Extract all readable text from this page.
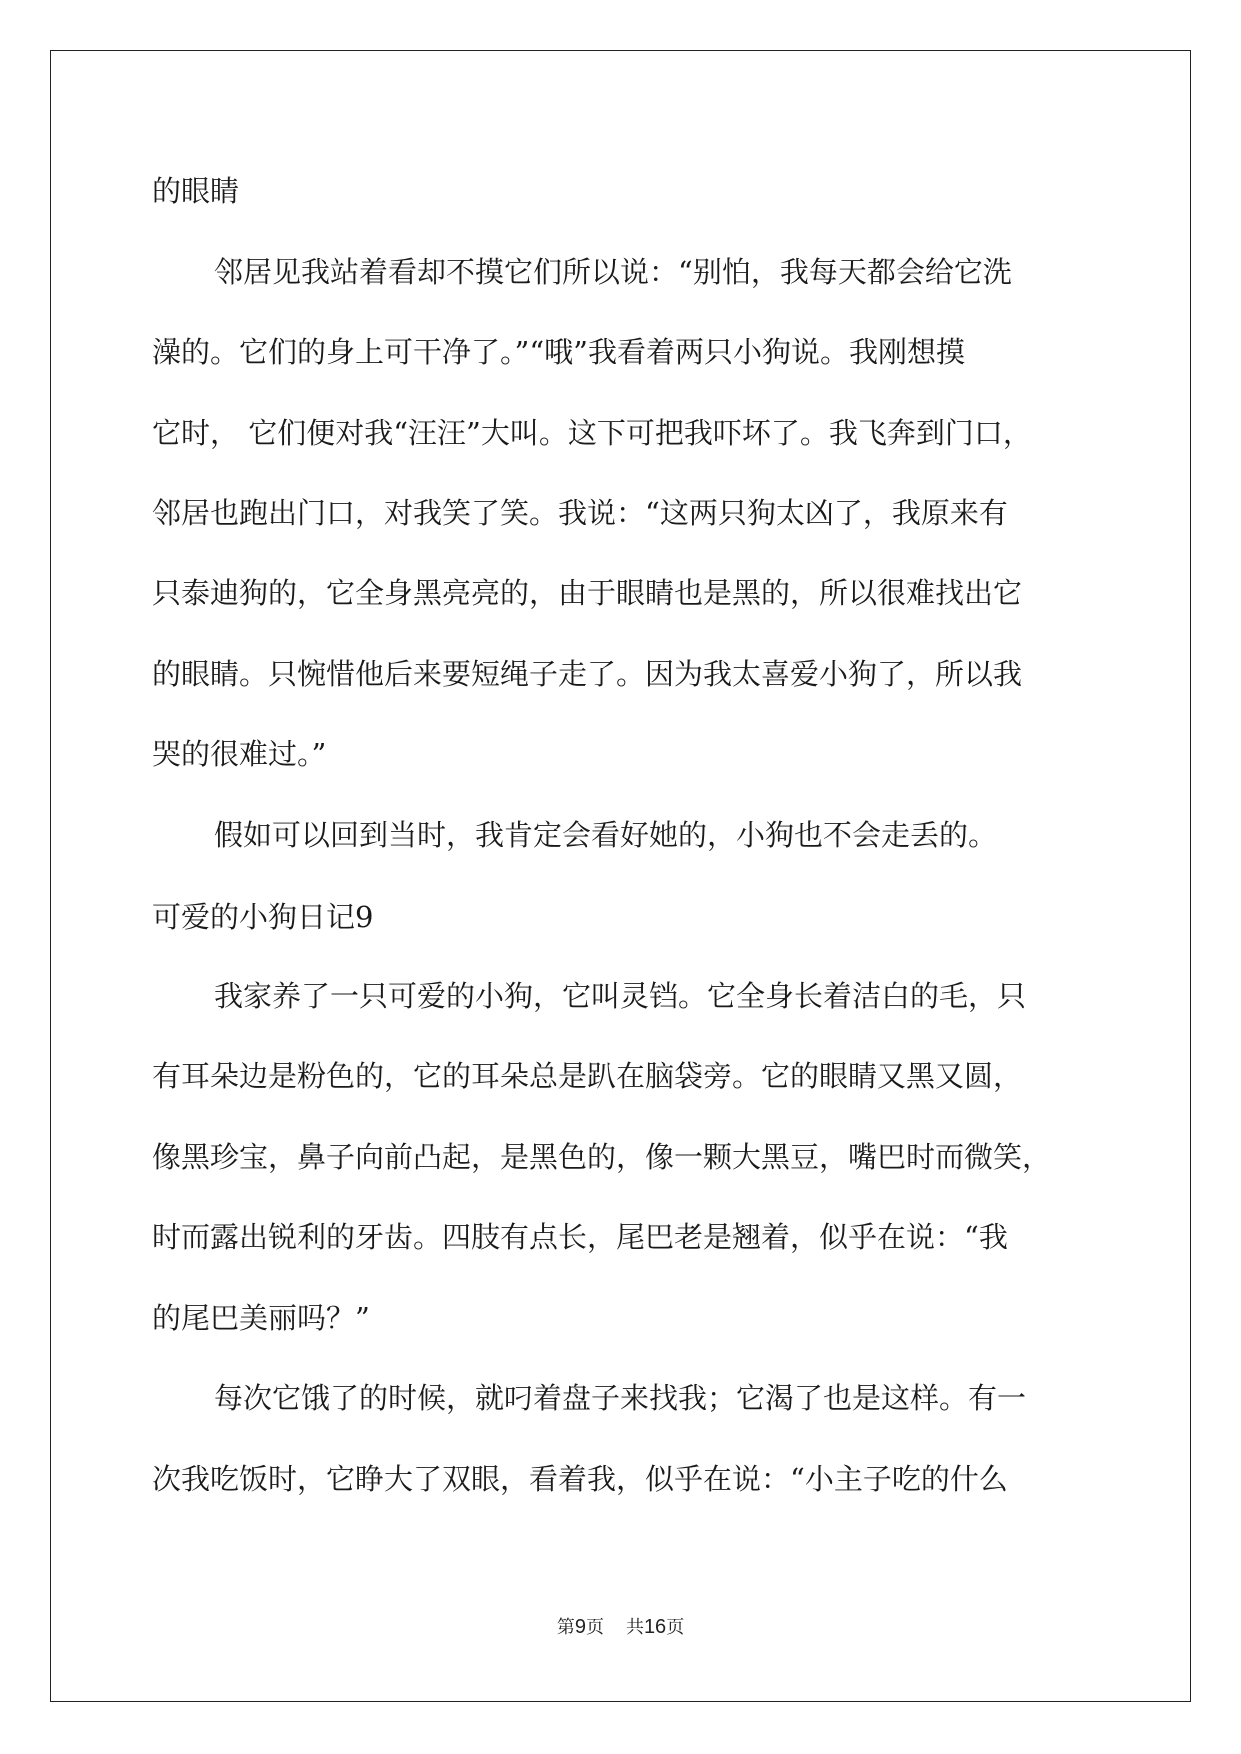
的眼睛
邻居见我站着看却不摸它们所以说：“别怕，我每天都会给它洗
澡的。它们的身上可干净了。”“哦”我看着两只小狗说。我刚想摸
它时， 它们便对我“汪汪”大叫。这下可把我吓坏了。我飞奔到门口，
邻居也跑出门口，对我笑了笑。我说：“这两只狗太凶了，我原来有
只泰迪狗的，它全身黑亮亮的，由于眼睛也是黑的，所以很难找出它
的眼睛。只惋惜他后来要短绳子走了。因为我太喜爱小狗了，所以我
哭的很难过。”
假如可以回到当时，我肯定会看好她的，小狗也不会走丢的。
可爱的小狗日记9
我家养了一只可爱的小狗，它叫灵铛。它全身长着洁白的毛，只
有耳朵边是粉色的，它的耳朵总是趴在脑袋旁。它的眼睛又黑又圆，
像黑珍宝，鼻子向前凸起，是黑色的，像一颗大黑豆，嘴巴时而微笑，
时而露出锐利的牙齿。四肢有点长，尾巴老是翘着，似乎在说：“我
的尾巴美丽吗？”
每次它饿了的时候，就叼着盘子来找我；它渴了也是这样。有一
次我吃饭时，它睁大了双眼，看着我，似乎在说：“小主子吃的什么
第9页 共16页
